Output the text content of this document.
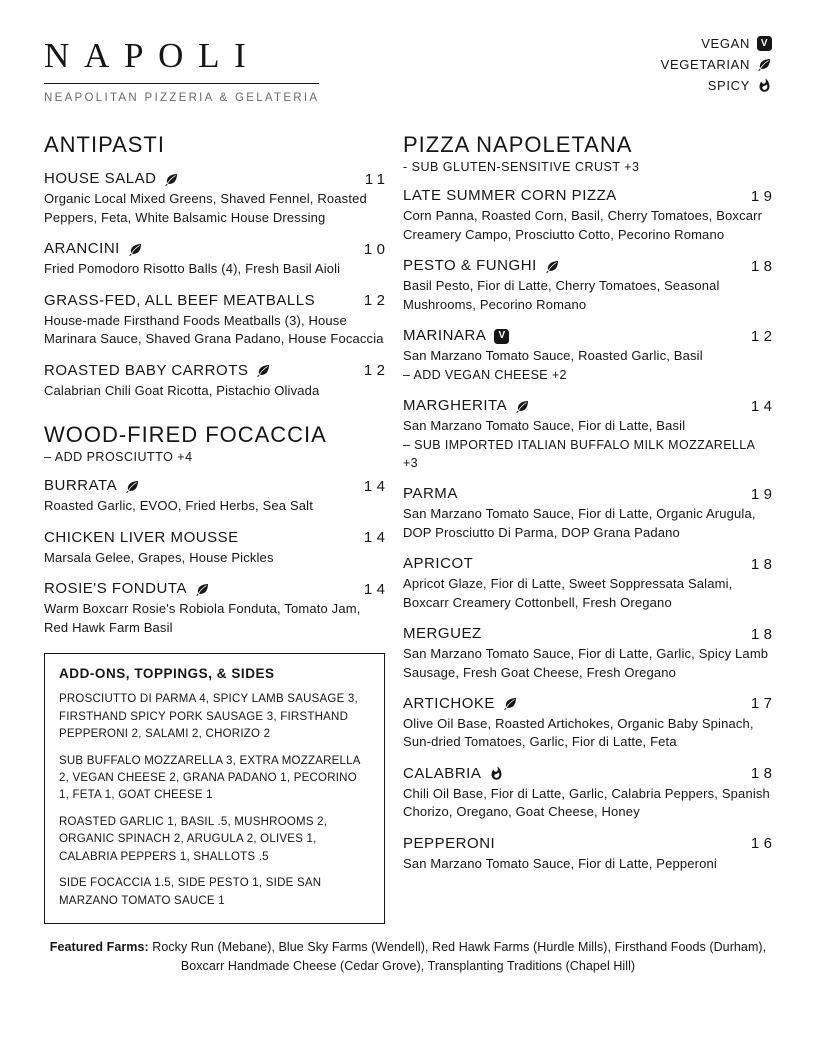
NAPOLI
NEAPOLITAN PIZZERIA & GELATERIA
VEGAN	V
VEGETARIAN
SPICY
ANTIPASTI
HOUSE SALAD	11

Organic Local Mixed Greens, Shaved Fennel, Roasted Peppers, Feta, White Balsamic House Dressing

ARANCINI	10

Fried Pomodoro Risotto Balls (4), Fresh Basil Aioli

GRASS-FED, ALL BEEF MEATBALLS	12

House-made Firsthand Foods Meatballs (3), House Marinara Sauce, Shaved Grana Padano, House Focaccia

ROASTED BABY CARROTS	12

Calabrian Chili Goat Ricotta, Pistachio Olivada

WOOD-FIRED FOCACCIA

– ADD PROSCIUTTO +4

BURRATA	14

Roasted Garlic, EVOO, Fried Herbs, Sea Salt

CHICKEN LIVER MOUSSE	14

Marsala Gelee, Grapes, House Pickles

ROSIE'S FONDUTA	14

Warm Boxcarr Rosie's Robiola Fonduta, Tomato Jam, Red Hawk Farm Basil

ADD-ONS, TOPPINGS, & SIDES

PROSCIUTTO DI PARMA 4, SPICY LAMB SAUSAGE 3, FIRSTHAND SPICY PORK SAUSAGE 3, FIRSTHAND PEPPERONI 2, SALAMI 2, CHORIZO 2

SUB BUFFALO MOZZARELLA 3, EXTRA MOZZARELLA 2, VEGAN CHEESE 2, GRANA PADANO 1, PECORINO 1, FETA 1, GOAT CHEESE 1

ROASTED GARLIC 1, BASIL .5, MUSHROOMS 2, ORGANIC SPINACH 2, ARUGULA 2, OLIVES 1, CALABRIA PEPPERS 1, SHALLOTS .5

SIDE FOCACCIA 1.5, SIDE PESTO 1, SIDE SAN MARZANO TOMATO SAUCE 1

PIZZA NAPOLETANA

- SUB GLUTEN-SENSITIVE CRUST +3

LATE SUMMER CORN PIZZA	19

Corn Panna, Roasted Corn, Basil, Cherry Tomatoes, Boxcarr Creamery Campo, Prosciutto Cotto, Pecorino Romano

PESTO & FUNGHI	18

Basil Pesto, Fior di Latte, Cherry Tomatoes, Seasonal Mushrooms, Pecorino Romano

MARINARA	V	12

San Marzano Tomato Sauce, Roasted Garlic, Basil

– ADD VEGAN CHEESE +2

MARGHERITA	14

San Marzano Tomato Sauce, Fior di Latte, Basil

– SUB IMPORTED ITALIAN BUFFALO MILK MOZZARELLA +3

PARMA	19

San Marzano Tomato Sauce, Fior di Latte, Organic Arugula, DOP Prosciutto Di Parma, DOP Grana Padano

APRICOT	18

Apricot Glaze, Fior di Latte, Sweet Soppressata Salami, Boxcarr Creamery Cottonbell, Fresh Oregano

MERGUEZ	18

San Marzano Tomato Sauce, Fior di Latte, Garlic, Spicy Lamb Sausage, Fresh Goat Cheese, Fresh Oregano

ARTICHOKE	17

Olive Oil Base, Roasted Artichokes, Organic Baby Spinach, Sun-dried Tomatoes, Garlic, Fior di Latte, Feta

CALABRIA	18

Chili Oil Base, Fior di Latte, Garlic, Calabria Peppers, Spanish Chorizo, Oregano, Goat Cheese, Honey

PEPPERONI	16

San Marzano Tomato Sauce, Fior di Latte, Pepperoni

Featured Farms: Rocky Run (Mebane), Blue Sky Farms (Wendell), Red Hawk Farms (Hurdle Mills), Firsthand Foods (Durham), Boxcarr Handmade Cheese (Cedar Grove), Transplanting Traditions (Chapel Hill)
